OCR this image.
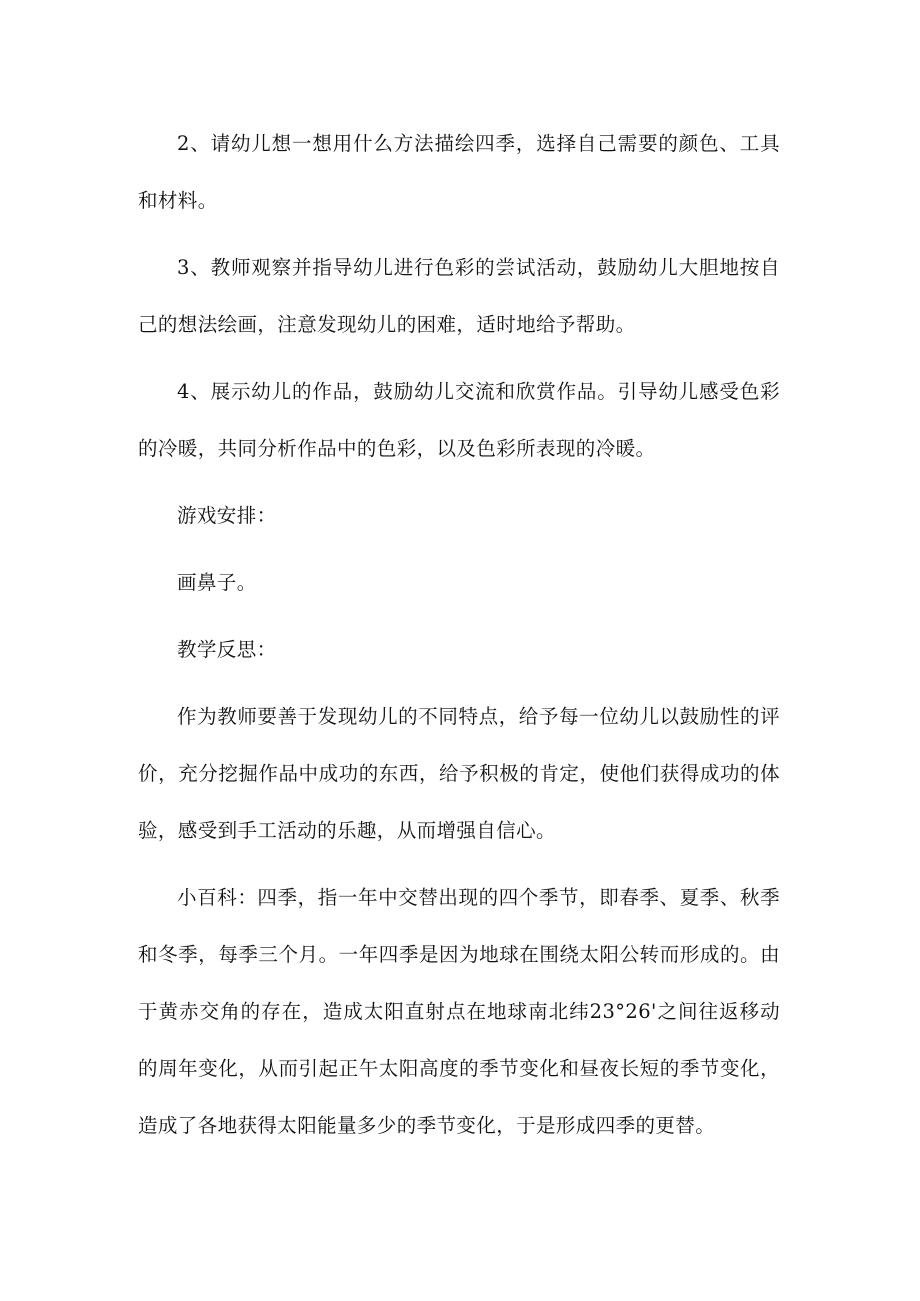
2、请幼儿想一想用什么方法描绘四季，选择自己需要的颜色、工具和材料。

3、教师观察并指导幼儿进行色彩的尝试活动，鼓励幼儿大胆地按自己的想法绘画，注意发现幼儿的困难，适时地给予帮助。

4、展示幼儿的作品，鼓励幼儿交流和欣赏作品。引导幼儿感受色彩的冷暖，共同分析作品中的色彩，以及色彩所表现的冷暖。

游戏安排：

画鼻子。

教学反思：

作为教师要善于发现幼儿的不同特点，给予每一位幼儿以鼓励性的评价，充分挖掘作品中成功的东西，给予积极的肯定，使他们获得成功的体验，感受到手工活动的乐趣，从而增强自信心。

小百科：四季，指一年中交替出现的四个季节，即春季、夏季、秋季和冬季，每季三个月。一年四季是因为地球在围绕太阳公转而形成的。由于黄赤交角的存在，造成太阳直射点在地球南北纬23°26'之间往返移动的周年变化，从而引起正午太阳高度的季节变化和昼夜长短的季节变化，造成了各地获得太阳能量多少的季节变化，于是形成四季的更替。
